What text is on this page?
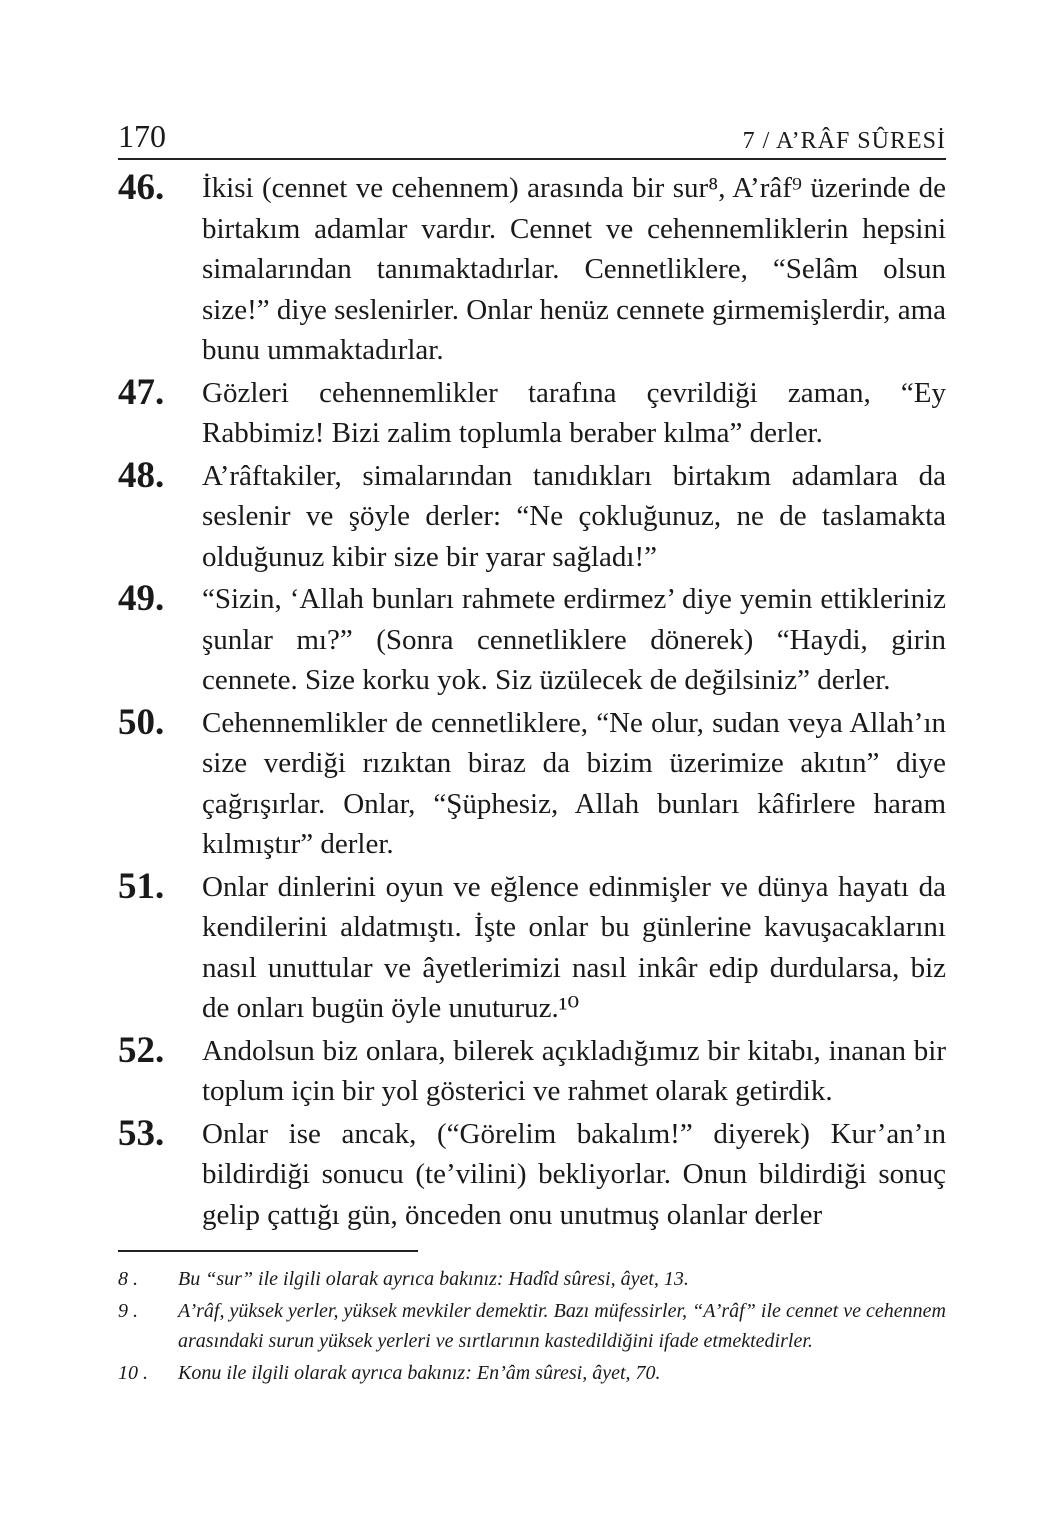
170	7 / A’RÂF SÛRESİ
46.	İkisi (cennet ve cehennem) arasında bir sur⁸, A’râf⁹ üzerinde de birtakım adamlar vardır. Cennet ve cehennemliklerin hepsini simalarından tanımaktadırlar. Cennetliklere, “Selâm olsun size!” diye seslenirler. Onlar henüz cennete girmemişlerdir, ama bunu ummaktadırlar.
47.	Gözleri cehennemlikler tarafına çevrildiği zaman, “Ey Rabbimiz! Bizi zalim toplumla beraber kılma” derler.
48.	A’râftakiler, simalarından tanıdıkları birtakım adamlara da seslenir ve şöyle derler: “Ne çokluğunuz, ne de taslamakta olduğunuz kibir size bir yarar sağladı!”
49.	“Sizin, ‘Allah bunları rahmete erdirmez’ diye yemin ettikleriniz şunlar mı?” (Sonra cennetliklere dönerek) “Haydi, girin cennete. Size korku yok. Siz üzülecek de değilsiniz” derler.
50.	Cehennemlikler de cennetliklere, “Ne olur, sudan veya Allah’ın size verdiği rızıktan biraz da bizim üzerimize akıtın” diye çağrışırlar. Onlar, “Şüphesiz, Allah bunları kâfirlere haram kılmıştır” derler.
51.	Onlar dinlerini oyun ve eğlence edinmişler ve dünya hayatı da kendilerini aldatmıştı. İşte onlar bu günlerine kavuşacaklarını nasıl unuttular ve âyetlerimizi nasıl inkâr edip durdularsa, biz de onları bugün öyle unuturuz.¹⁰
52.	Andolsun biz onlara, bilerek açıkladığımız bir kitabı, inanan bir toplum için bir yol gösterici ve rahmet olarak getirdik.
53.	Onlar ise ancak, (“Görelim bakalım!” diyerek) Kur’an’ın bildirdiği sonucu (te’vilini) bekliyorlar. Onun bildirdiği sonuç gelip çattığı gün, önceden onu unutmuş olanlar derler
8 .	Bu “sur” ile ilgili olarak ayrıca bakınız: Hadîd sûresi, âyet, 13.
9 .	A’râf, yüksek yerler, yüksek mevkiler demektir. Bazı müfessirler, “A’râf” ile cennet ve cehennem arasındaki surun yüksek yerleri ve sırtlarının kastedildiğini ifade etmektedirler.
10 .	Konu ile ilgili olarak ayrıca bakınız: En’âm sûresi, âyet, 70.
